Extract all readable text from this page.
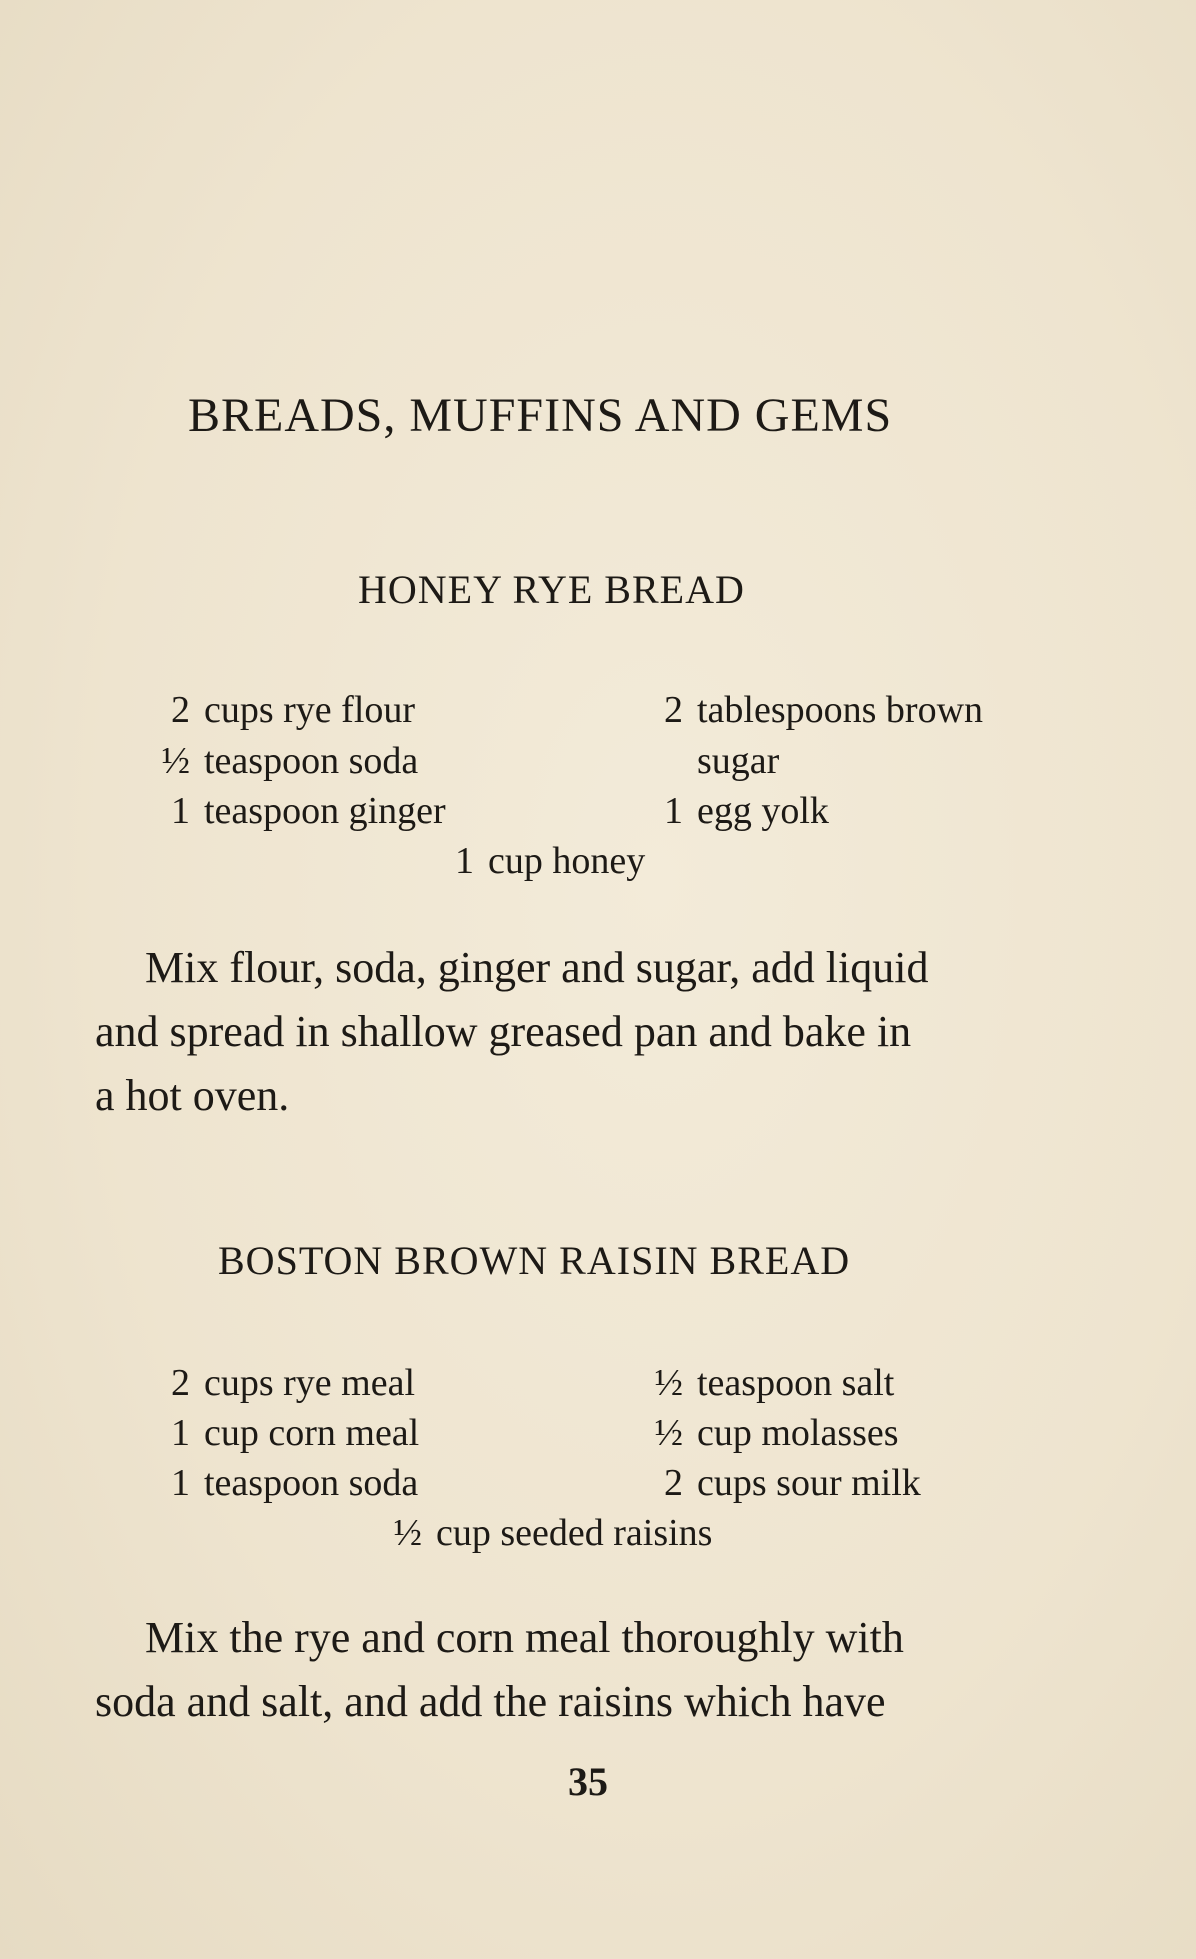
BREADS, MUFFINS AND GEMS
HONEY RYE BREAD
2 cups rye flour
½ teaspoon soda
1 teaspoon ginger
2 tablespoons brown
sugar
1 egg yolk
1 cup honey

Mix flour, soda, ginger and sugar, add liquid

and spread in shallow greased pan and bake in

a hot oven.

BOSTON BROWN RAISIN BREAD
2 cups rye meal
1 cup corn meal
1 teaspoon soda
½ teaspoon salt
½ cup molasses
2 cups sour milk
½ cup seeded raisins

Mix the rye and corn meal thoroughly with

soda and salt, and add the raisins which have

35
